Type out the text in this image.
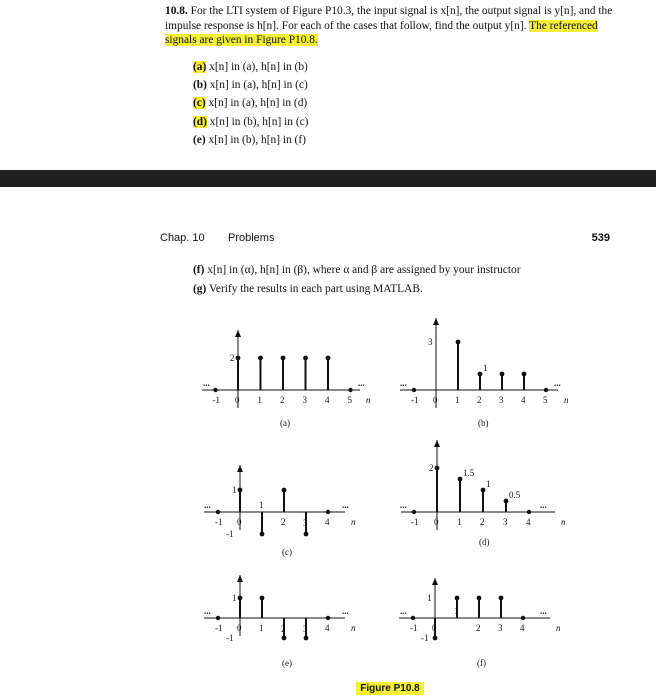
10.8. For the LTI system of Figure P10.3, the input signal is x[n], the output signal is y[n], and the impulse response is h[n]. For each of the cases that follow, find the output y[n]. The referenced signals are given in Figure P10.8.
(a) x[n] in (a), h[n] in (b)
(b) x[n] in (a), h[n] in (c)
(c) x[n] in (a), h[n] in (d)
(d) x[n] in (b), h[n] in (c)
(e) x[n] in (b), h[n] in (f)
Chap. 10 Problems	539
(f) x[n] in (α), h[n] in (β), where α and β are assigned by your instructor
(g) Verify the results in each part using MATLAB.
...	...
-1 0 1 2 3 4 5 n
2
(a)
...	...
-1 0 1 2 3 4 5 n
3
1
(b)
...	...
-1 0	2	4 n
1
-1
1
3
(c)
...	...
-1 0 1 2 3 4	n
2	1.5
1
0.5
(d)
...	...
-1 0 1	4 n
1
-1
2 3
(e)
...	...
-1 0	2 3 4	n
1
-1
1
(f)
Figure P10.8
